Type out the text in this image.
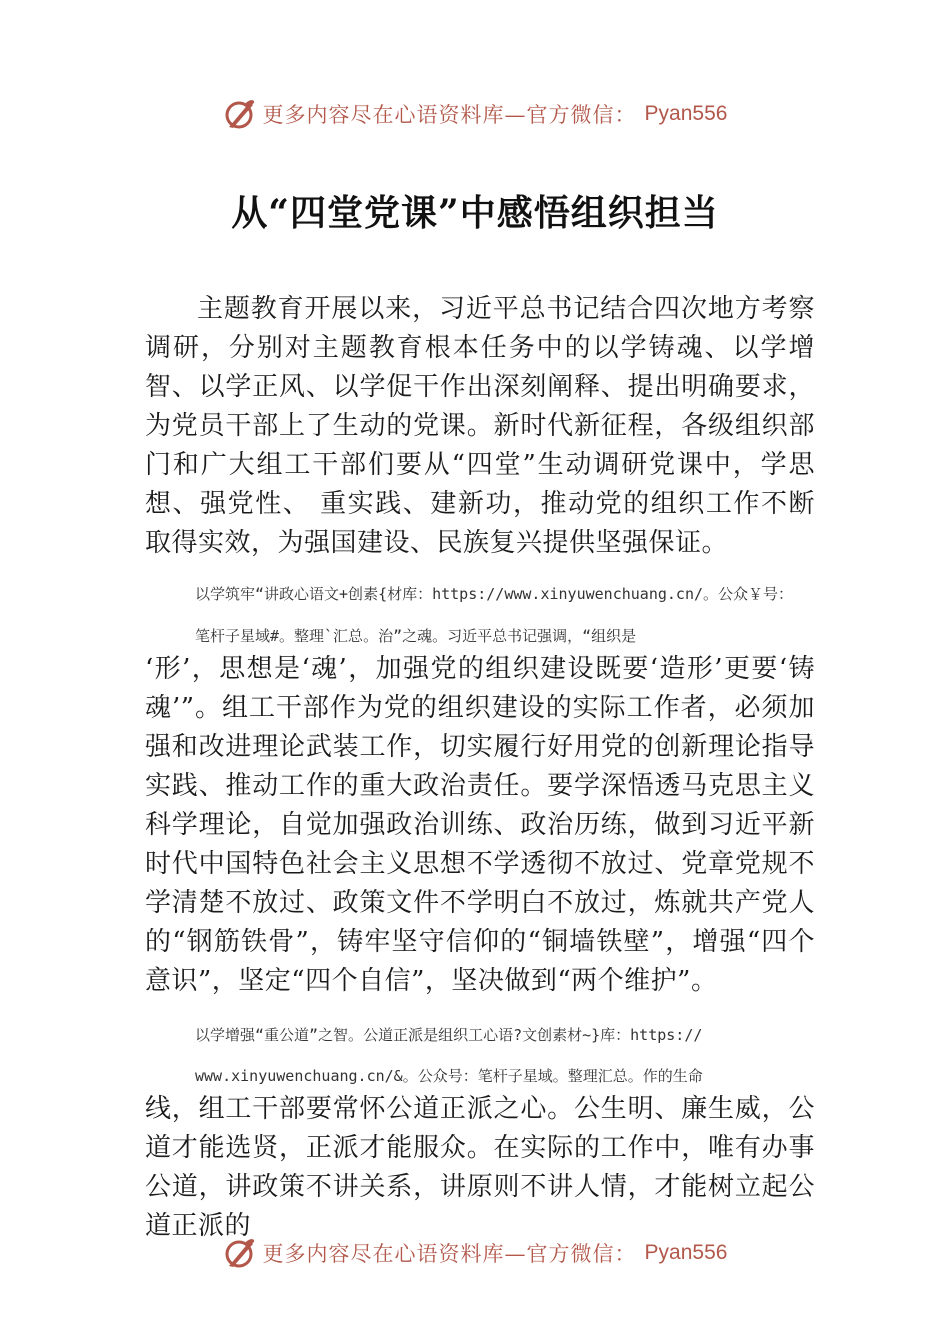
更多内容尽在心语资料库—官方微信： Pyan556
从“四堂党课”中感悟组织担当

主题教育开展以来，习近平总书记结合四次地方考察调研，分别对主题教育根本任务中的以学铸魂、以学增智、以学正风、以学促干作出深刻阐释、提出明确要求，为党员干部上了生动的党课。新时代新征程，各级组织部门和广大组工干部们要从“四堂”生动调研党课中，学思想、强党性、 重实践、建新功，推动党的组织工作不断取得实效，为强国建设、民族复兴提供坚强保证。

以学筑牢“讲政心语文+创素{材库：https://www.xinyuwenchuang.cn/。公众￥号：

笔杆子星域#。整理`汇总。治”之魂。习近平总书记强调，“组织是

‘形’，思想是‘魂’，加强党的组织建设既要‘造形’更要‘铸魂’”。组工干部作为党的组织建设的实际工作者，必须加强和改进理论武装工作，切实履行好用党的创新理论指导实践、推动工作的重大政治责任。要学深悟透马克思主义科学理论，自觉加强政治训练、政治历练，做到习近平新时代中国特色社会主义思想不学透彻不放过、党章党规不学清楚不放过、政策文件不学明白不放过，炼就共产党人的“钢筋铁骨”，铸牢坚守信仰的“铜墙铁壁”，增强“四个意识”，坚定“四个自信”，坚决做到“两个维护”。

以学增强“重公道”之智。公道正派是组织工心语?文创素材~}库：https://

www.xinyuwenchuang.cn/&。公众号：笔杆子星域。整理汇总。作的生命

线，组工干部要常怀公道正派之心。公生明、廉生威，公道才能选贤，正派才能服众。在实际的工作中，唯有办事公道，讲政策不讲关系，讲原则不讲人情，才能树立起公道正派的

更多内容尽在心语资料库—官方微信： Pyan556
